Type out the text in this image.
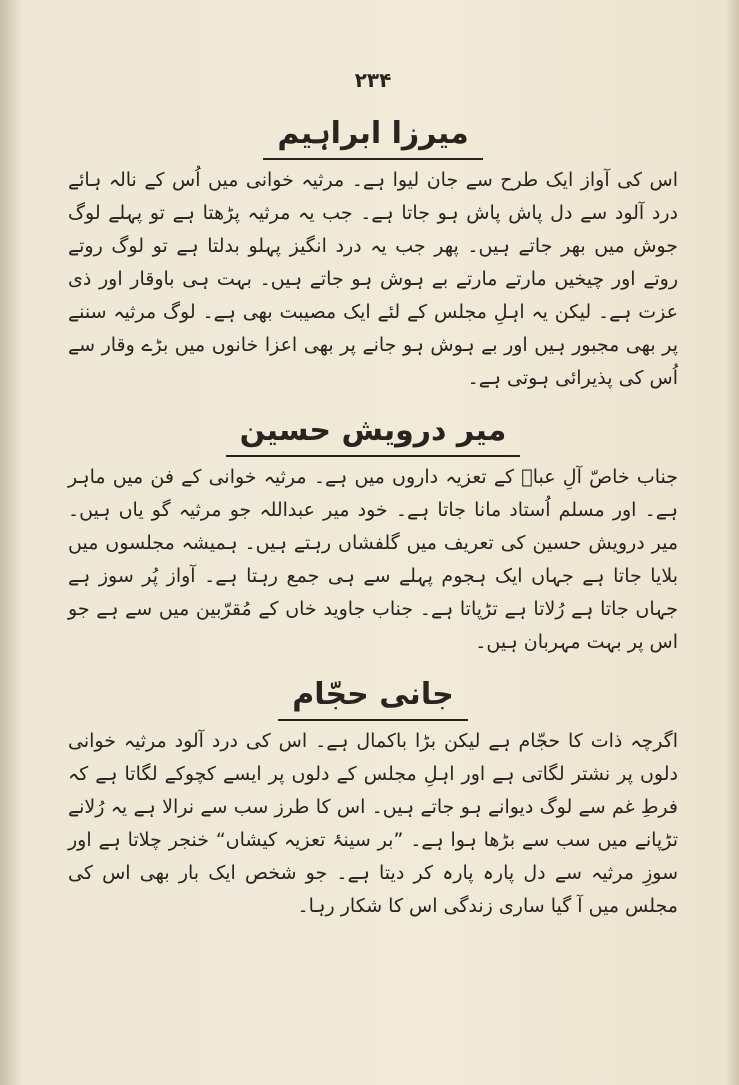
۲۳۴
میرزا ابراہیم

اس کی آواز ایک طرح سے جان لیوا ہے۔ مرثیہ خوانی میں اُس کے نالہ ہائے درد آلود سے دل پاش پاش ہو جاتا ہے۔ جب یہ مرثیہ پڑھتا ہے تو پہلے لوگ جوش میں بھر جاتے ہیں۔ پھر جب یہ درد انگیز پہلو بدلتا ہے تو لوگ روتے روتے اور چیخیں مارتے مارتے بے ہوش ہو جاتے ہیں۔ بہت ہی باوقار اور ذی عزت ہے۔ لیکن یہ اہلِ مجلس کے لئے ایک مصیبت بھی ہے۔ لوگ مرثیہ سننے پر بھی مجبور ہیں اور بے ہوش ہو جانے پر بھی اعزا خانوں میں بڑے وقار سے اُس کی پذیرائی ہوتی ہے۔

میر درویش حسین

جناب خاصّ آلِ عباؑ کے تعزیہ داروں میں ہے۔ مرثیہ خوانی کے فن میں ماہر ہے۔ اور مسلم اُستاد مانا جاتا ہے۔ خود میر عبداللہ جو مرثیہ گو یاں ہیں۔ میر درویش حسین کی تعریف میں گلفشاں رہتے ہیں۔ ہمیشہ مجلسوں میں بلایا جاتا ہے جہاں ایک ہجوم پہلے سے ہی جمع رہتا ہے۔ آواز پُر سوز ہے جہاں جاتا ہے رُلاتا ہے تڑپاتا ہے۔ جناب جاوید خاں کے مُقرّبین میں سے ہے جو اس پر بہت مہربان ہیں۔

جانی حجّام

اگرچہ ذات کا حجّام ہے لیکن بڑا باکمال ہے۔ اس کی درد آلود مرثیہ خوانی دلوں پر نشتر لگاتی ہے اور اہلِ مجلس کے دلوں پر ایسے کچوکے لگاتا ہے کہ فرطِ غم سے لوگ دیوانے ہو جاتے ہیں۔ اس کا طرز سب سے نرالا ہے یہ رُلانے تڑپانے میں سب سے بڑھا ہوا ہے۔ ”بر سینۂ تعزیہ کیشاں“ خنجر چلاتا ہے اور سوزِ مرثیہ سے دل پارہ پارہ کر دیتا ہے۔ جو شخص ایک بار بھی اس کی مجلس میں آ گیا ساری زندگی اس کا شکار رہا۔
